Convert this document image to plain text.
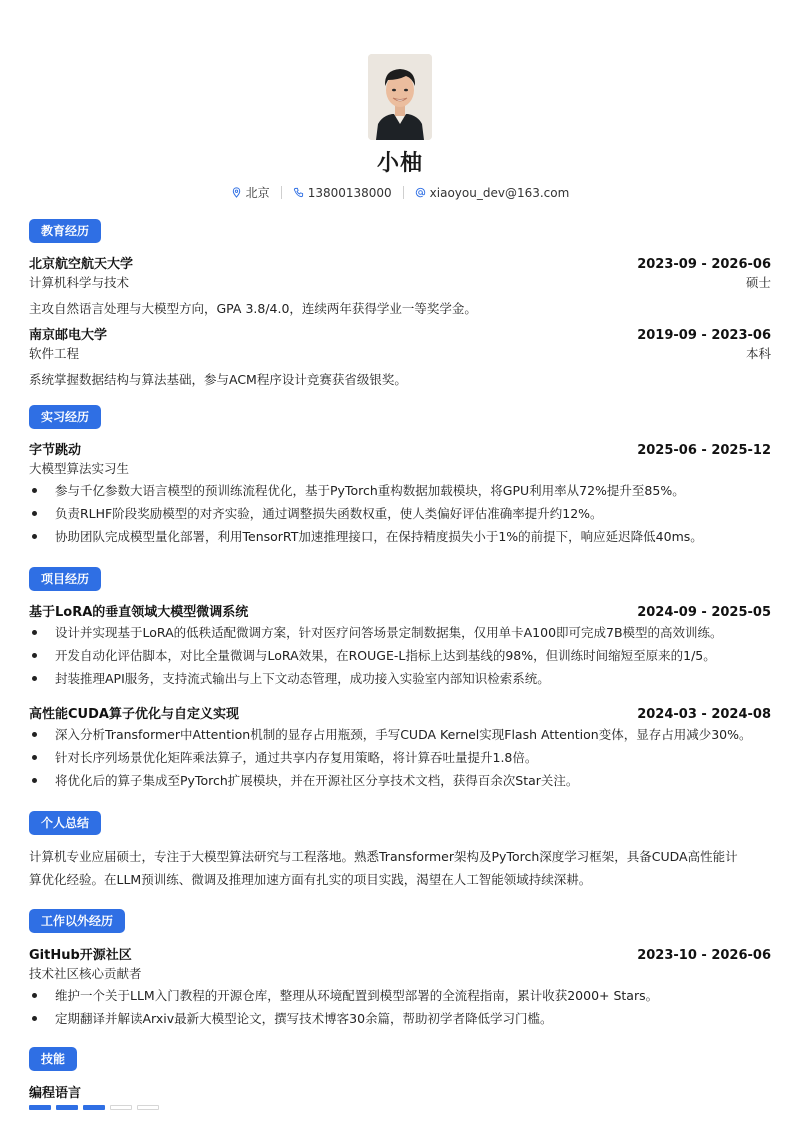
小柚
北京	13800138000	xiaoyou_dev@163.com
教育经历
北京航空航天大学	2023-09 - 2026-06
计算机科学与技术	硕士
主攻自然语言处理与大模型方向，GPA 3.8/4.0，连续两年获得学业一等奖学金。
南京邮电大学	2019-09 - 2023-06
软件工程	本科
系统掌握数据结构与算法基础，参与ACM程序设计竞赛获省级银奖。
实习经历
字节跳动	2025-06 - 2025-12
大模型算法实习生
参与千亿参数大语言模型的预训练流程优化，基于PyTorch重构数据加载模块，将GPU利用率从72%提升至85%。
负责RLHF阶段奖励模型的对齐实验，通过调整损失函数权重，使人类偏好评估准确率提升约12%。
协助团队完成模型量化部署，利用TensorRT加速推理接口，在保持精度损失小于1%的前提下，响应延迟降低40ms。
项目经历
基于LoRA的垂直领域大模型微调系统	2024-09 - 2025-05
设计并实现基于LoRA的低秩适配微调方案，针对医疗问答场景定制数据集，仅用单卡A100即可完成7B模型的高效训练。
开发自动化评估脚本，对比全量微调与LoRA效果，在ROUGE-L指标上达到基线的98%，但训练时间缩短至原来的1/5。
封装推理API服务，支持流式输出与上下文动态管理，成功接入实验室内部知识检索系统。
高性能CUDA算子优化与自定义实现	2024-03 - 2024-08
深入分析Transformer中Attention机制的显存占用瓶颈，手写CUDA Kernel实现Flash Attention变体，显存占用减少30%。
针对长序列场景优化矩阵乘法算子，通过共享内存复用策略，将计算吞吐量提升1.8倍。
将优化后的算子集成至PyTorch扩展模块，并在开源社区分享技术文档，获得百余次Star关注。
个人总结
计算机专业应届硕士，专注于大模型算法研究与工程落地。熟悉Transformer架构及PyTorch深度学习框架，具备CUDA高性能计
算优化经验。在LLM预训练、微调及推理加速方面有扎实的项目实践，渴望在人工智能领域持续深耕。
工作以外经历
GitHub开源社区	2023-10 - 2026-06
技术社区核心贡献者
维护一个关于LLM入门教程的开源仓库，整理从环境配置到模型部署的全流程指南，累计收获2000+ Stars。
定期翻译并解读Arxiv最新大模型论文，撰写技术博客30余篇，帮助初学者降低学习门槛。
技能
编程语言
